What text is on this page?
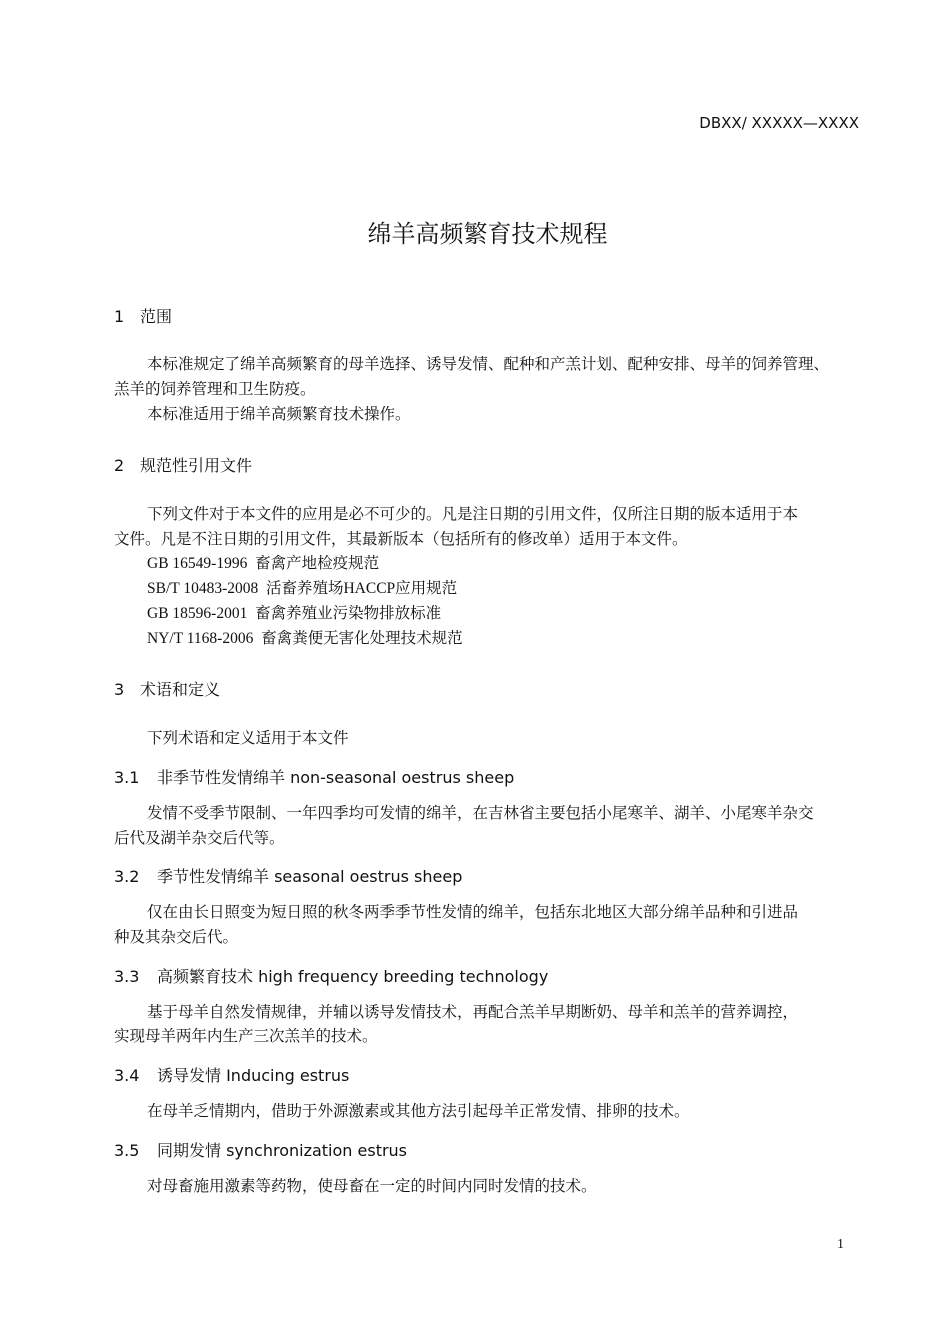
DBXX/ XXXXX—XXXX
绵羊高频繁育技术规程
1 范围
本标准规定了绵羊高频繁育的母羊选择、诱导发情、配种和产羔计划、配种安排、母羊的饲养管理、
羔羊的饲养管理和卫生防疫。
本标准适用于绵羊高频繁育技术操作。
2 规范性引用文件
下列文件对于本文件的应用是必不可少的。凡是注日期的引用文件，仅所注日期的版本适用于本
文件。凡是不注日期的引用文件，其最新版本（包括所有的修改单）适用于本文件。
GB 16549-1996  畜禽产地检疫规范
SB/T 10483-2008  活畜养殖场HACCP应用规范
GB 18596-2001  畜禽养殖业污染物排放标准
NY/T 1168-2006  畜禽粪便无害化处理技术规范
3 术语和定义
下列术语和定义适用于本文件
3.1 非季节性发情绵羊 non-seasonal oestrus sheep
发情不受季节限制、一年四季均可发情的绵羊，在吉林省主要包括小尾寒羊、湖羊、小尾寒羊杂交
后代及湖羊杂交后代等。
3.2 季节性发情绵羊 seasonal oestrus sheep
仅在由长日照变为短日照的秋冬两季季节性发情的绵羊，包括东北地区大部分绵羊品种和引进品
种及其杂交后代。
3.3 高频繁育技术 high frequency breeding technology
基于母羊自然发情规律，并辅以诱导发情技术，再配合羔羊早期断奶、母羊和羔羊的营养调控，
实现母羊两年内生产三次羔羊的技术。
3.4 诱导发情 Inducing estrus
在母羊乏情期内，借助于外源激素或其他方法引起母羊正常发情、排卵的技术。
3.5 同期发情 synchronization estrus
对母畜施用激素等药物，使母畜在一定的时间内同时发情的技术。
1
